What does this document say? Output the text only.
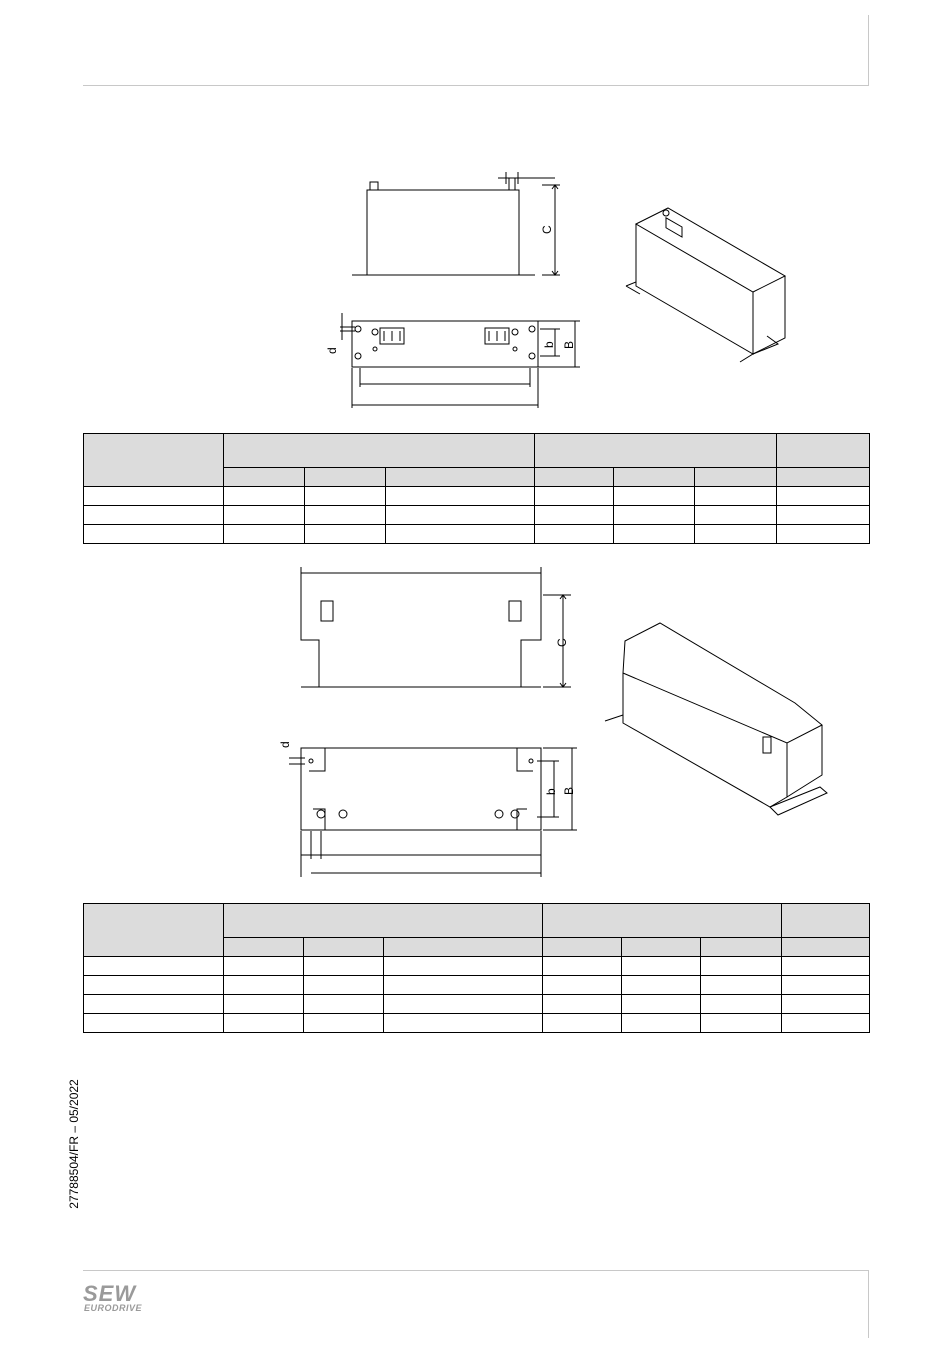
C
d
b B

C
d
b B

27788504/FR – 05/2022
SEW
EURODRIVE
